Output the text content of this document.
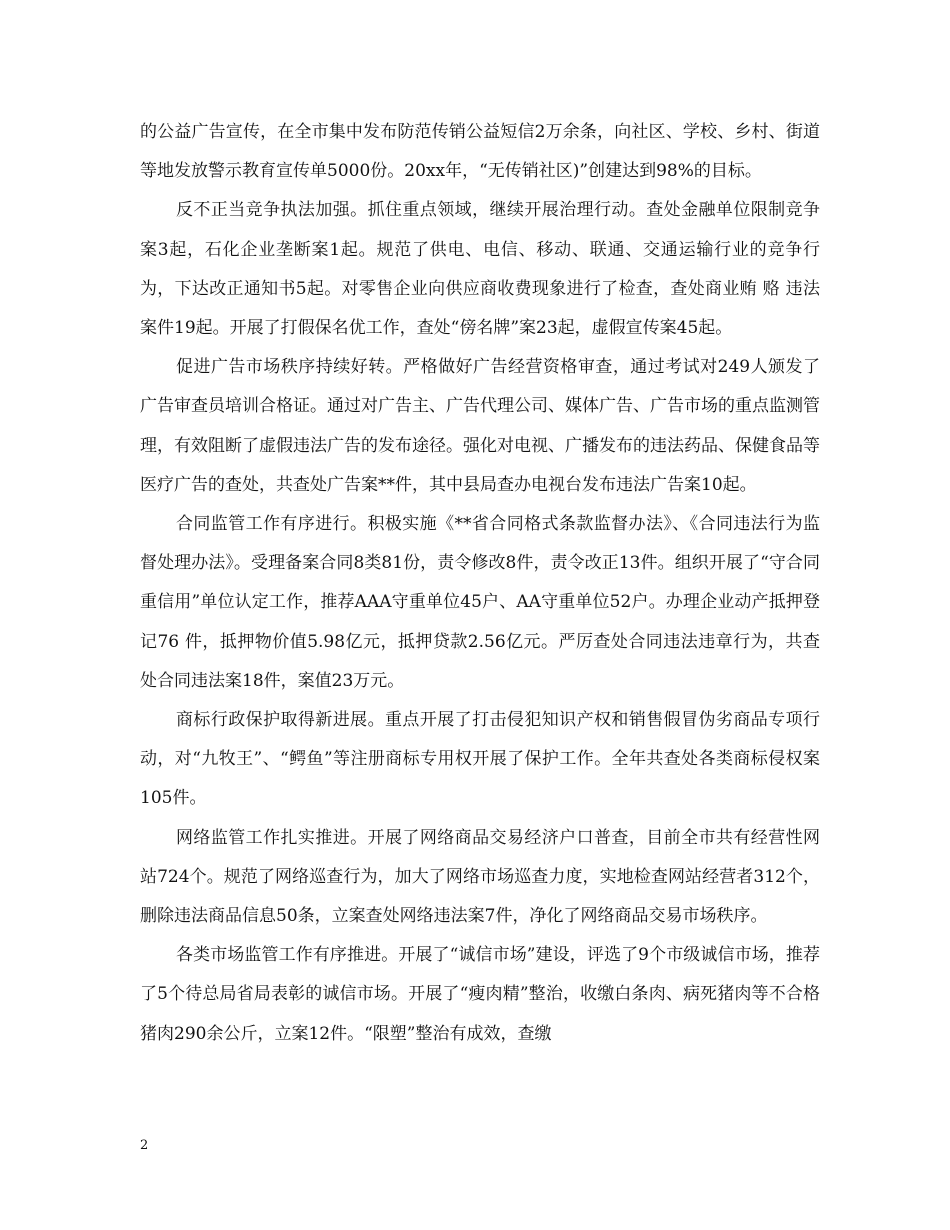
的公益广告宣传，在全市集中发布防范传销公益短信2万余条，向社区、学校、乡村、街道等地发放警示教育宣传单5000份。20xx年，“无传销社区)”创建达到98%的目标。

反不正当竞争执法加强。抓住重点领域，继续开展治理行动。查处金融单位限制竞争案3起，石化企业垄断案1起。规范了供电、电信、移动、联通、交通运输行业的竞争行为，下达改正通知书5起。对零售企业向供应商收费现象进行了检查，查处商业贿 赂 违法案件19起。开展了打假保名优工作，查处“傍名牌”案23起，虚假宣传案45起。

促进广告市场秩序持续好转。严格做好广告经营资格审查，通过考试对249人颁发了广告审查员培训合格证。通过对广告主、广告代理公司、媒体广告、广告市场的重点监测管理，有效阻断了虚假违法广告的发布途径。强化对电视、广播发布的违法药品、保健食品等医疗广告的查处，共查处广告案**件，其中县局查办电视台发布违法广告案10起。

合同监管工作有序进行。积极实施《**省合同格式条款监督办法》、《合同违法行为监督处理办法》。受理备案合同8类81份，责令修改8件，责令改正13件。组织开展了“守合同重信用”单位认定工作，推荐AAA守重单位45户、AA守重单位52户。办理企业动产抵押登记76 件，抵押物价值5.98亿元，抵押贷款2.56亿元。严厉查处合同违法违章行为，共查处合同违法案18件，案值23万元。

商标行政保护取得新进展。重点开展了打击侵犯知识产权和销售假冒伪劣商品专项行动，对“九牧王”、“鳄鱼”等注册商标专用权开展了保护工作。全年共查处各类商标侵权案105件。

网络监管工作扎实推进。开展了网络商品交易经济户口普查，目前全市共有经营性网站724个。规范了网络巡查行为，加大了网络市场巡查力度，实地检查网站经营者312个，删除违法商品信息50条，立案查处网络违法案7件，净化了网络商品交易市场秩序。

各类市场监管工作有序推进。开展了“诚信市场”建设，评选了9个市级诚信市场，推荐了5个待总局省局表彰的诚信市场。开展了“瘦肉精”整治，收缴白条肉、病死猪肉等不合格猪肉290余公斤，立案12件。“限塑”整治有成效，查缴

2
